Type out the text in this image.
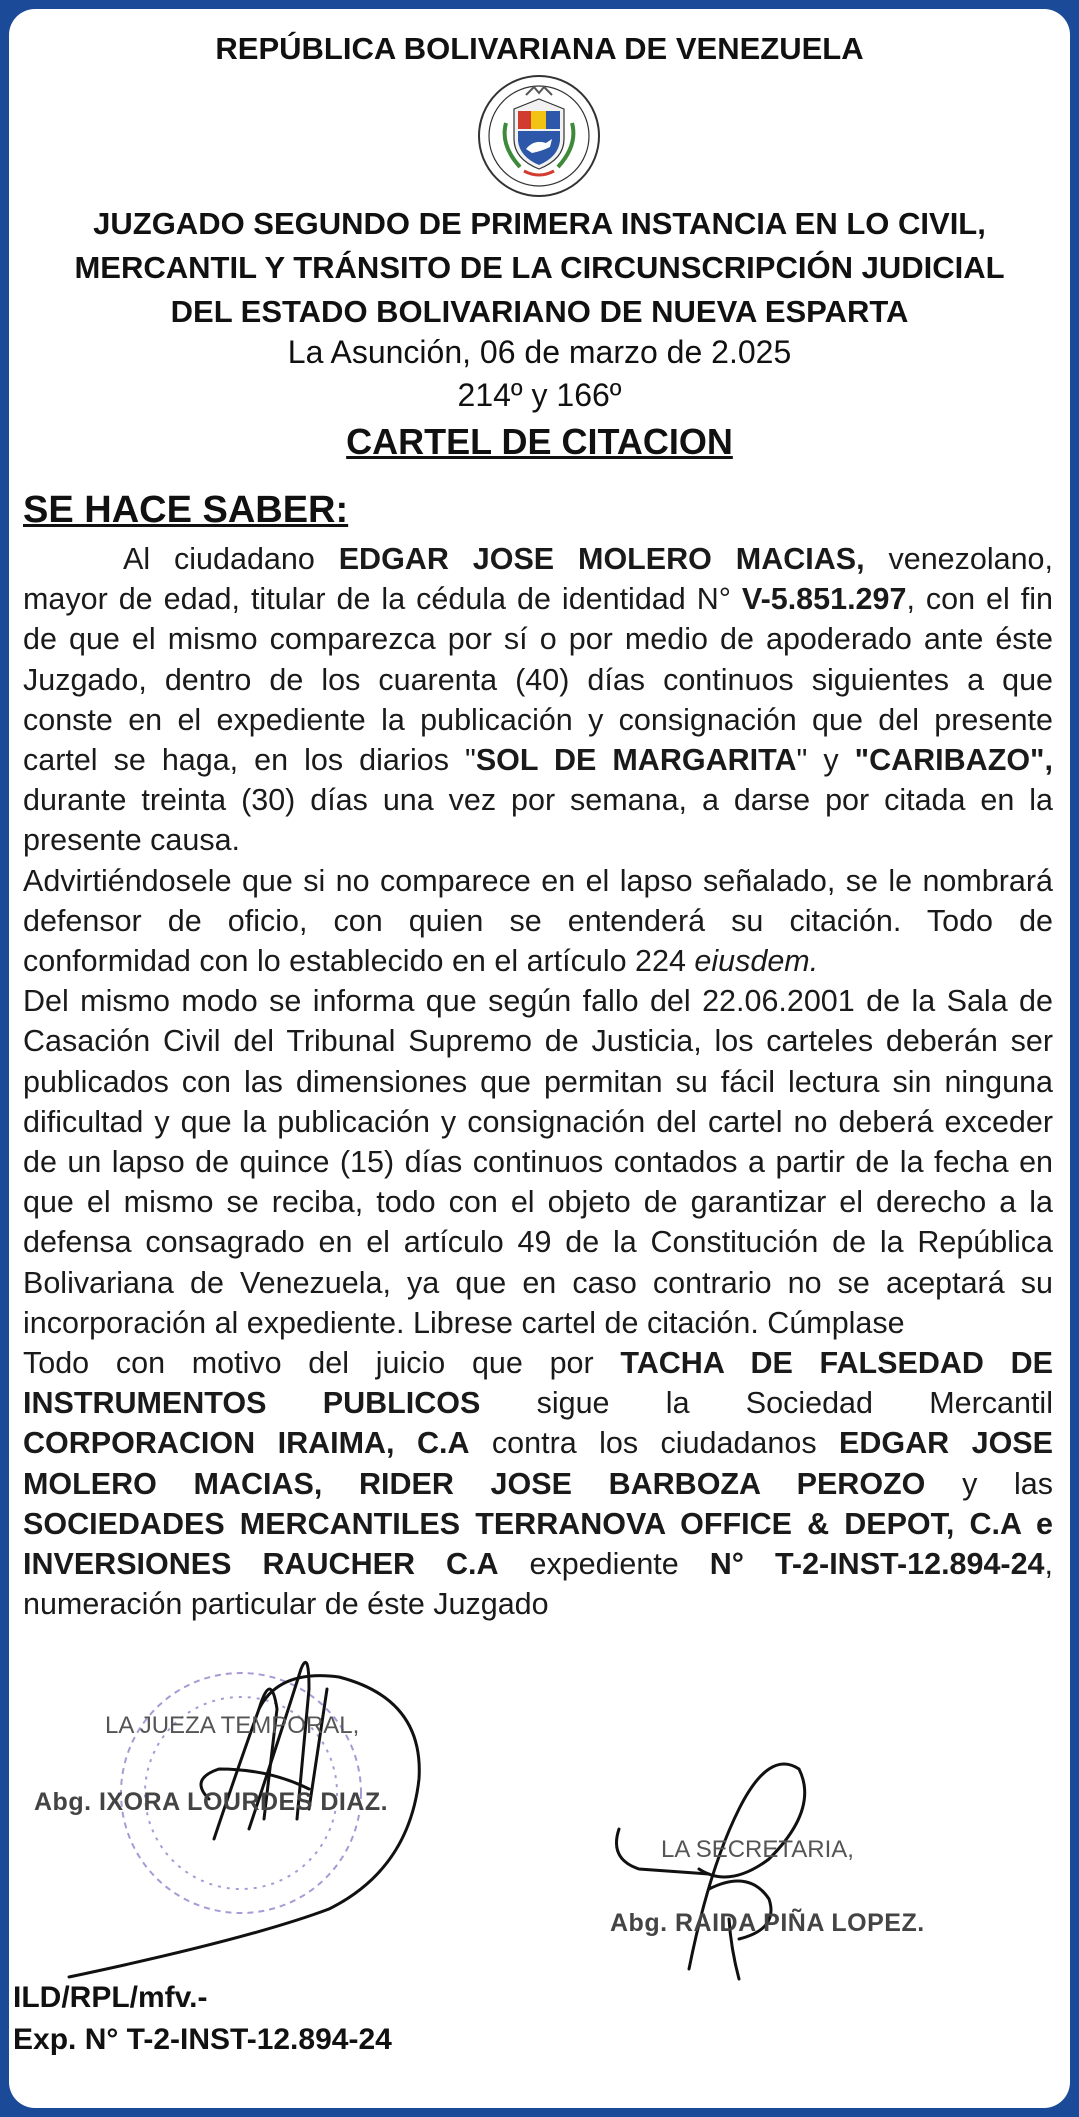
REPÚBLICA BOLIVARIANA DE VENEZUELA
JUZGADO SEGUNDO DE PRIMERA INSTANCIA EN LO CIVIL,
MERCANTIL Y TRÁNSITO DE LA CIRCUNSCRIPCIÓN JUDICIAL
DEL ESTADO BOLIVARIANO DE NUEVA ESPARTA
La Asunción, 06 de marzo de 2.025
214º y 166º
CARTEL DE CITACION
SE HACE SABER:

Al ciudadano EDGAR JOSE MOLERO MACIAS, venezolano, mayor de edad, titular de la cédula de identidad N° V-5.851.297, con el fin de que el mismo comparezca por sí o por medio de apoderado ante éste Juzgado, dentro de los cuarenta (40) días continuos siguientes a que conste en el expediente la publicación y consignación que del presente cartel se haga, en los diarios "SOL DE MARGARITA" y "CARIBAZO", durante treinta (30) días una vez por semana, a darse por citada en la presente causa.

Advirtiéndosele que si no comparece en el lapso señalado, se le nombrará defensor de oficio, con quien se entenderá su citación. Todo de conformidad con lo establecido en el artículo 224 eiusdem.

Del mismo modo se informa que según fallo del 22.06.2001 de la Sala de Casación Civil del Tribunal Supremo de Justicia, los carteles deberán ser publicados con las dimensiones que permitan su fácil lectura sin ninguna dificultad y que la publicación y consignación del cartel no deberá exceder de un lapso de quince (15) días continuos contados a partir de la fecha en que el mismo se reciba, todo con el objeto de garantizar el derecho a la defensa consagrado en el artículo 49 de la Constitución de la República Bolivariana de Venezuela, ya que en caso contrario no se aceptará su incorporación al expediente. Librese cartel de citación. Cúmplase

Todo con motivo del juicio que por TACHA DE FALSEDAD DE INSTRUMENTOS PUBLICOS sigue la Sociedad Mercantil CORPORACION IRAIMA, C.A contra los ciudadanos EDGAR JOSE MOLERO MACIAS, RIDER JOSE BARBOZA PEROZO y las SOCIEDADES MERCANTILES TERRANOVA OFFICE & DEPOT, C.A e INVERSIONES RAUCHER C.A expediente N° T-2-INST-12.894-24, numeración particular de éste Juzgado

LA JUEZA TEMPORAL,
Abg. IXORA LOURDES DIAZ.
LA SECRETARIA,
Abg. RAIDA PIÑA LOPEZ.
ILD/RPL/mfv.-
Exp. N° T-2-INST-12.894-24
